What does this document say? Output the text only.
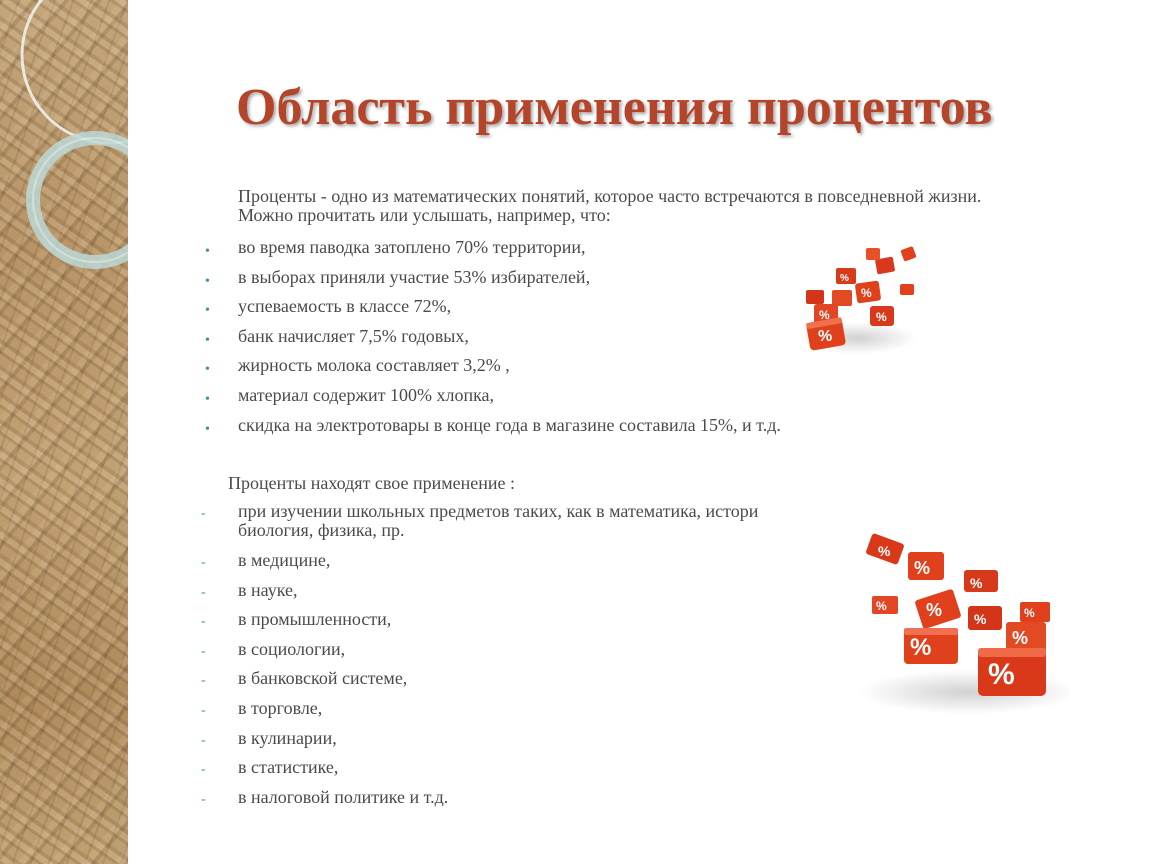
Область применения процентов
Проценты - одно из математических понятий, которое часто встречаются в повседневной жизни.
Можно прочитать или услышать, например, что:
• во время паводка затоплено 70% территории,
• в выборах приняли участие 53% избирателей,
• успеваемость в классе 72%,
• банк начисляет 7,5% годовых,
• жирность молока составляет 3,2% ,
• материал содержит 100% хлопка,
• скидка на электротовары в конце года в магазине составила 15%, и т.д.
Проценты находят свое применение :
- при изучении школьных предметов таких, как в математика, истори
биология, физика, пр.
- в медицине,
- в науке,
- в промышленности,
- в социологии,
- в банковской системе,
- в торговле,
- в кулинарии,
- в статистике,
- в налоговой политике и т.д.
%
%
%
%
%
%
%
%
% % %	%
%
%
%
